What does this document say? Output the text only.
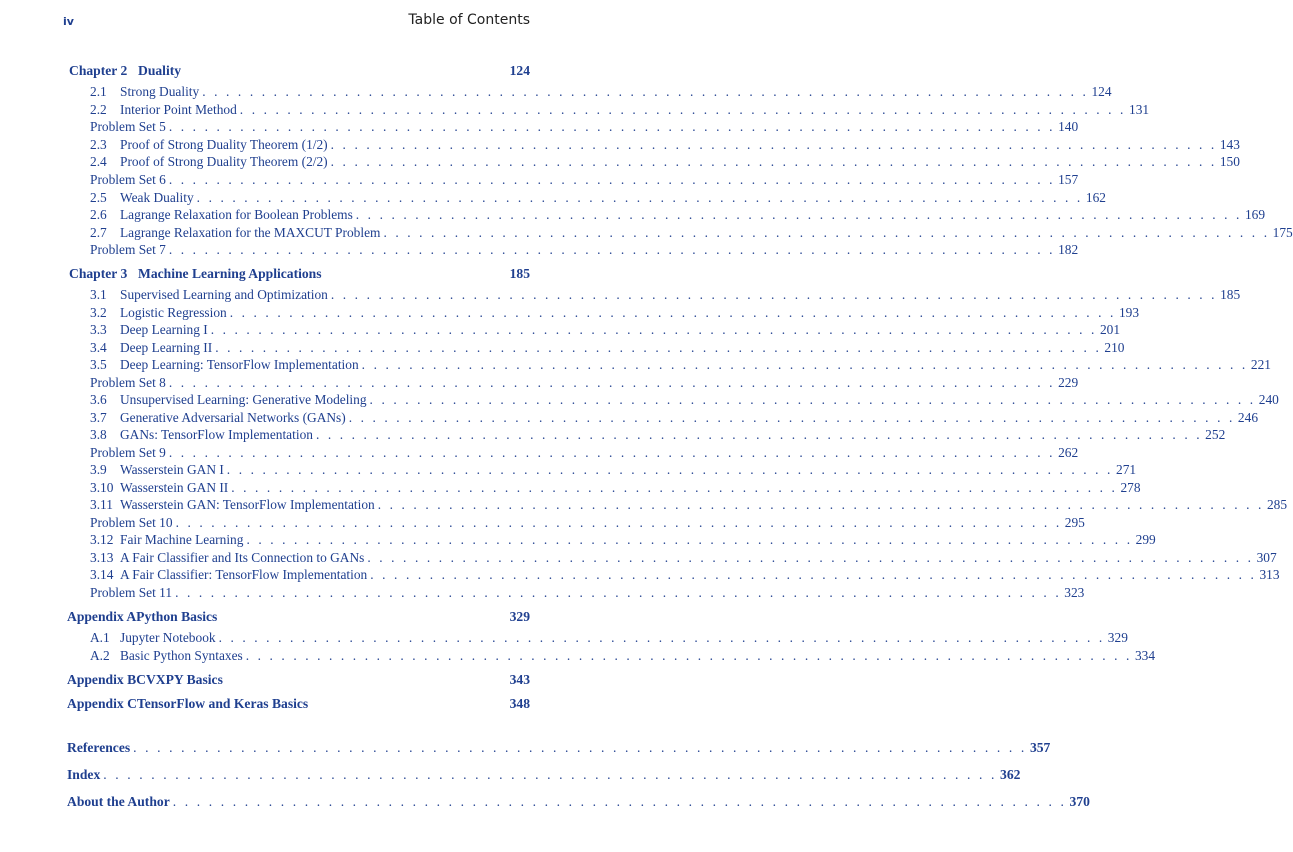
iv	Table of Contents
Chapter 2 Duality	124
2.1 Strong Duality . . . . . . . . . . . . . . . . . . . . . . . . . . . . . . . . . . . . . . . . . . . . . . . . . . . . . . . . . . . . . . . . . . . . . . . . . . . 124
2.2 Interior Point Method . . . . . . . . . . . . . . . . . . . . . . . . . . . . . . . . . . . . . . . . . . . . . . . . . . . . . . . . . . . . . . . . . . . . . . . . . . . 131
Problem Set 5 . . . . . . . . . . . . . . . . . . . . . . . . . . . . . . . . . . . . . . . . . . . . . . . . . . . . . . . . . . . . . . . . . . . . . . . . . . . 140
2.3 Proof of Strong Duality Theorem (1/2) . . . . . . . . . . . . . . . . . . . . . . . . . . . . . . . . . . . . . . . . . . . . . . . . . . . . . . . . . . . . . . . . . . . . . . . . . . . 143
2.4 Proof of Strong Duality Theorem (2/2) . . . . . . . . . . . . . . . . . . . . . . . . . . . . . . . . . . . . . . . . . . . . . . . . . . . . . . . . . . . . . . . . . . . . . . . . . . . 150
Problem Set 6 . . . . . . . . . . . . . . . . . . . . . . . . . . . . . . . . . . . . . . . . . . . . . . . . . . . . . . . . . . . . . . . . . . . . . . . . . . . 157
2.5 Weak Duality . . . . . . . . . . . . . . . . . . . . . . . . . . . . . . . . . . . . . . . . . . . . . . . . . . . . . . . . . . . . . . . . . . . . . . . . . . . 162
2.6 Lagrange Relaxation for Boolean Problems . . . . . . . . . . . . . . . . . . . . . . . . . . . . . . . . . . . . . . . . . . . . . . . . . . . . . . . . . . . . . . . . . . . . . . . . . . . 169
2.7 Lagrange Relaxation for the MAXCUT Problem . . . . . . . . . . . . . . . . . . . . . . . . . . . . . . . . . . . . . . . . . . . . . . . . . . . . . . . . . . . . . . . . . . . . . . . . . . . 175
Problem Set 7 . . . . . . . . . . . . . . . . . . . . . . . . . . . . . . . . . . . . . . . . . . . . . . . . . . . . . . . . . . . . . . . . . . . . . . . . . . . 182
Chapter 3 Machine Learning Applications	185
3.1 Supervised Learning and Optimization . . . . . . . . . . . . . . . . . . . . . . . . . . . . . . . . . . . . . . . . . . . . . . . . . . . . . . . . . . . . . . . . . . . . . . . . . . . 185
3.2 Logistic Regression . . . . . . . . . . . . . . . . . . . . . . . . . . . . . . . . . . . . . . . . . . . . . . . . . . . . . . . . . . . . . . . . . . . . . . . . . . . 193
3.3 Deep Learning I . . . . . . . . . . . . . . . . . . . . . . . . . . . . . . . . . . . . . . . . . . . . . . . . . . . . . . . . . . . . . . . . . . . . . . . . . . . 201
3.4 Deep Learning II . . . . . . . . . . . . . . . . . . . . . . . . . . . . . . . . . . . . . . . . . . . . . . . . . . . . . . . . . . . . . . . . . . . . . . . . . . . 210
3.5 Deep Learning: TensorFlow Implementation . . . . . . . . . . . . . . . . . . . . . . . . . . . . . . . . . . . . . . . . . . . . . . . . . . . . . . . . . . . . . . . . . . . . . . . . . . . 221
Problem Set 8 . . . . . . . . . . . . . . . . . . . . . . . . . . . . . . . . . . . . . . . . . . . . . . . . . . . . . . . . . . . . . . . . . . . . . . . . . . . 229
3.6 Unsupervised Learning: Generative Modeling . . . . . . . . . . . . . . . . . . . . . . . . . . . . . . . . . . . . . . . . . . . . . . . . . . . . . . . . . . . . . . . . . . . . . . . . . . . 240
3.7 Generative Adversarial Networks (GANs) . . . . . . . . . . . . . . . . . . . . . . . . . . . . . . . . . . . . . . . . . . . . . . . . . . . . . . . . . . . . . . . . . . . . . . . . . . . 246
3.8 GANs: TensorFlow Implementation . . . . . . . . . . . . . . . . . . . . . . . . . . . . . . . . . . . . . . . . . . . . . . . . . . . . . . . . . . . . . . . . . . . . . . . . . . . 252
Problem Set 9 . . . . . . . . . . . . . . . . . . . . . . . . . . . . . . . . . . . . . . . . . . . . . . . . . . . . . . . . . . . . . . . . . . . . . . . . . . . 262
3.9 Wasserstein GAN I . . . . . . . . . . . . . . . . . . . . . . . . . . . . . . . . . . . . . . . . . . . . . . . . . . . . . . . . . . . . . . . . . . . . . . . . . . . 271
3.10 Wasserstein GAN II . . . . . . . . . . . . . . . . . . . . . . . . . . . . . . . . . . . . . . . . . . . . . . . . . . . . . . . . . . . . . . . . . . . . . . . . . . . 278
3.11 Wasserstein GAN: TensorFlow Implementation . . . . . . . . . . . . . . . . . . . . . . . . . . . . . . . . . . . . . . . . . . . . . . . . . . . . . . . . . . . . . . . . . . . . . . . . . . . 285
Problem Set 10 . . . . . . . . . . . . . . . . . . . . . . . . . . . . . . . . . . . . . . . . . . . . . . . . . . . . . . . . . . . . . . . . . . . . . . . . . . . 295
3.12 Fair Machine Learning . . . . . . . . . . . . . . . . . . . . . . . . . . . . . . . . . . . . . . . . . . . . . . . . . . . . . . . . . . . . . . . . . . . . . . . . . . . 299
3.13 A Fair Classifier and Its Connection to GANs . . . . . . . . . . . . . . . . . . . . . . . . . . . . . . . . . . . . . . . . . . . . . . . . . . . . . . . . . . . . . . . . . . . . . . . . . . . 307
3.14 A Fair Classifier: TensorFlow Implementation . . . . . . . . . . . . . . . . . . . . . . . . . . . . . . . . . . . . . . . . . . . . . . . . . . . . . . . . . . . . . . . . . . . . . . . . . . . 313
Problem Set 11 . . . . . . . . . . . . . . . . . . . . . . . . . . . . . . . . . . . . . . . . . . . . . . . . . . . . . . . . . . . . . . . . . . . . . . . . . . . 323
Appendix APython Basics	329
A.1 Jupyter Notebook . . . . . . . . . . . . . . . . . . . . . . . . . . . . . . . . . . . . . . . . . . . . . . . . . . . . . . . . . . . . . . . . . . . . . . . . . . . 329
A.2 Basic Python Syntaxes . . . . . . . . . . . . . . . . . . . . . . . . . . . . . . . . . . . . . . . . . . . . . . . . . . . . . . . . . . . . . . . . . . . . . . . . . . . 334
Appendix BCVXPY Basics	343
Appendix CTensorFlow and Keras Basics	348
References . . . . . . . . . . . . . . . . . . . . . . . . . . . . . . . . . . . . . . . . . . . . . . . . . . . . . . . . . . . . . . . . . . . . . . . . . . . 357
Index . . . . . . . . . . . . . . . . . . . . . . . . . . . . . . . . . . . . . . . . . . . . . . . . . . . . . . . . . . . . . . . . . . . . . . . . . . . 362
About the Author . . . . . . . . . . . . . . . . . . . . . . . . . . . . . . . . . . . . . . . . . . . . . . . . . . . . . . . . . . . . . . . . . . . . . . . . . . . 370
